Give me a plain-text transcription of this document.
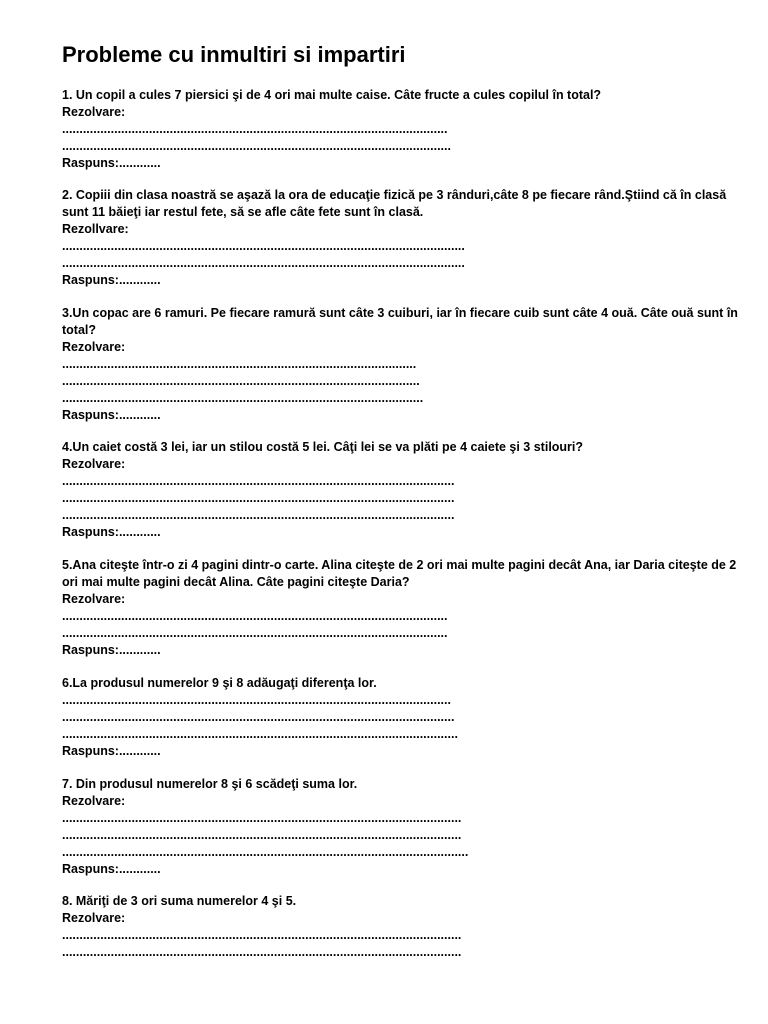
Probleme cu inmultiri si impartiri
1. Un copil a cules 7 piersici şi de 4 ori mai multe caise. Câte fructe a cules copilul în total?
Rezolvare:
...............................................................................................................
................................................................................................................
Raspuns:............
2. Copiii din clasa noastră se aşază la ora de educaţie fizică pe 3 rânduri,câte 8 pe fiecare rând.Ştiind că în clasă sunt 11 băieţi iar restul fete, să se afle câte fete sunt în clasă.
Rezollvare:
....................................................................................................................
....................................................................................................................
Raspuns:............
3.Un copac are 6 ramuri. Pe fiecare ramură sunt câte 3 cuiburi, iar în fiecare cuib sunt câte 4 ouă. Câte ouă sunt în total?
Rezolvare:
......................................................................................................
.......................................................................................................
........................................................................................................
Raspuns:............
4.Un caiet costă 3 lei, iar un stilou costă 5 lei. Câţi lei se va plăti pe 4 caiete şi 3 stilouri?
Rezolvare:
.................................................................................................................
.................................................................................................................
.................................................................................................................
Raspuns:............
5.Ana citeşte într-o zi 4 pagini dintr-o carte. Alina citeşte de 2 ori mai multe pagini decât Ana, iar Daria citeşte de 2 ori mai multe pagini decât Alina. Câte pagini citeşte Daria?
Rezolvare:
...............................................................................................................
...............................................................................................................
Raspuns:............
6.La produsul numerelor 9 şi 8 adăugaţi diferenţa lor.
................................................................................................................
.................................................................................................................
..................................................................................................................
Raspuns:............
7. Din produsul numerelor 8 şi 6 scădeţi suma lor.
Rezolvare:
...................................................................................................................
...................................................................................................................
.....................................................................................................................
Raspuns:............
8. Măriţi de 3 ori suma numerelor 4 şi 5.
Rezolvare:
...................................................................................................................
...................................................................................................................
